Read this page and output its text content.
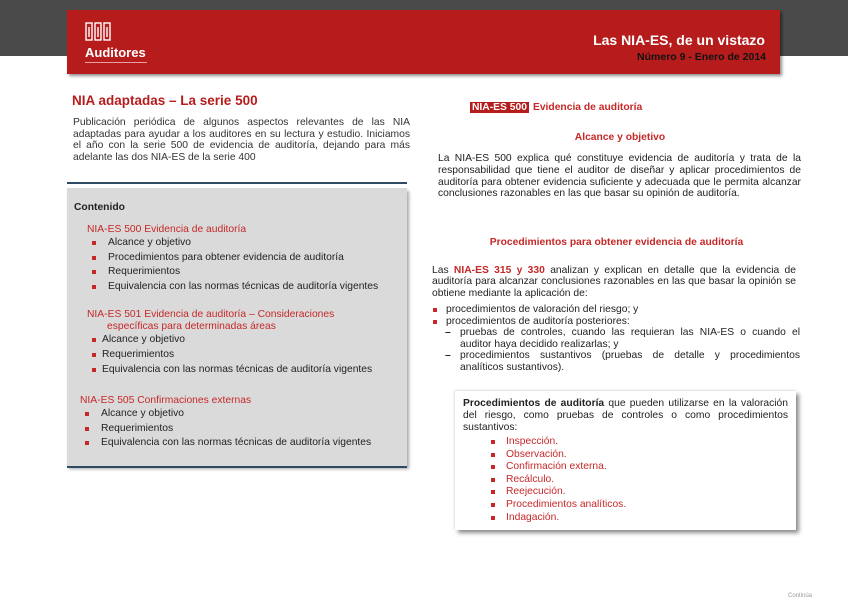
Auditores
Las NIA-ES, de un vistazo
Número 9 - Enero de 2014
NIA adaptadas – La serie 500
Publicación periódica de algunos aspectos relevantes de las NIA adaptadas para ayudar a los auditores en su lectura y estudio. Iniciamos el año con la serie 500 de evidencia de auditoría, dejando para más adelante las dos NIA-ES de la serie 400
Contenido
NIA-ES 500 Evidencia de auditoría
Alcance y objetivo
Procedimientos para obtener evidencia de auditoría
Requerimientos
Equivalencia con las normas técnicas de auditoría vigentes
NIA-ES 501 Evidencia de auditoría – Consideraciones
específicas para determinadas áreas
Alcance y objetivo
Requerimientos
Equivalencia con las normas técnicas de auditoría vigentes
NIA-ES 505 Confirmaciones externas
Alcance y objetivo
Requerimientos
Equivalencia con las normas técnicas de auditoría vigentes
NIA-ES 500 Evidencia de auditoría
Alcance y objetivo
La NIA-ES 500 explica qué constituye evidencia de auditoría y trata de la responsabilidad que tiene el auditor de diseñar y aplicar procedimientos de auditoría para obtener evidencia suficiente y adecuada que le permita alcanzar conclusiones razonables en las que basar su opinión de auditoría.
Procedimientos para obtener evidencia de auditoría
Las NIA-ES 315 y 330 analizan y explican en detalle que la evidencia de auditoría para alcanzar conclusiones razonables en las que basar la opinión se obtiene mediante la aplicación de:
procedimientos de valoración del riesgo; y
procedimientos de auditoría posteriores:
– pruebas de controles, cuando las requieran las NIA-ES o cuando el auditor haya decidido realizarlas; y
– procedimientos sustantivos (pruebas de detalle y procedimientos analíticos sustantivos).
Procedimientos de auditoría que pueden utilizarse en la valoración del riesgo, como pruebas de controles o como procedimientos sustantivos:
Inspección.
Observación.
Confirmación externa.
Recálculo.
Reejecución.
Procedimientos analíticos.
Indagación.
Continúa
